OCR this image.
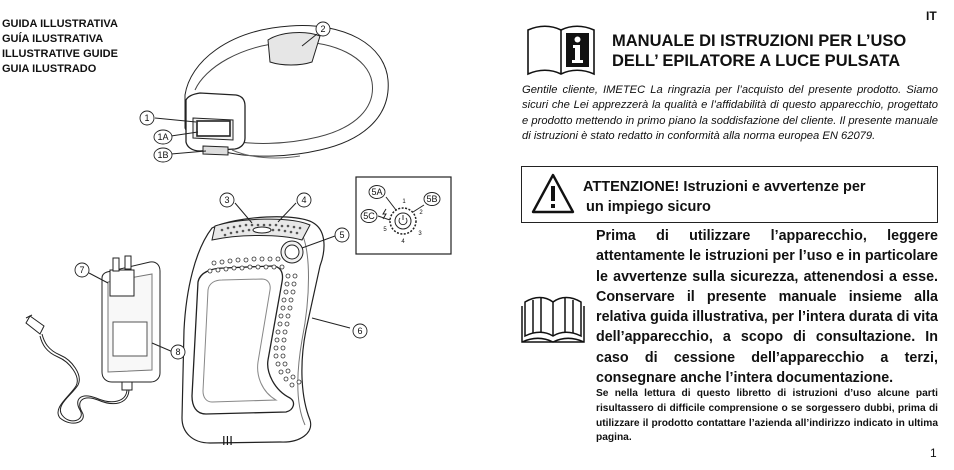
GUIDA ILLUSTRATIVA
GUÍA ILUSTRATIVA
ILLUSTRATIVE GUIDE
GUIA ILUSTRADO
2
1
1A
1B
3	4
5
6
7
8
5A
5B
5C
1
2
3
4
5
III
IT
MANUALE DI ISTRUZIONI PER L’USO
DELL’ EPILATORE A LUCE PULSATA
Gentile cliente, IMETEC La ringrazia per l’acquisto del presente prodotto. Siamo sicuri che Lei apprezzerà la qualità e l’affidabilità di questo apparecchio, progettato e prodotto mettendo in primo piano la soddisfazione del cliente. Il presente manuale di istruzioni è stato redatto in conformità alla norma europea EN 62079.
ATTENZIONE! Istruzioni e avvertenze per
un impiego sicuro
Prima di utilizzare l’apparecchio, leggere attentamente le istruzioni per l’uso e in particolare le avvertenze sulla sicurezza, attenendosi a esse. Conservare il presente manuale insieme alla relativa guida illustrativa, per l’intera durata di vita dell’apparecchio, a scopo di consultazione. In caso di cessione dell’apparecchio a terzi, consegnare anche l’intera documentazione.
Se nella lettura di questo libretto di istruzioni d’uso alcune parti risultassero di difficile comprensione o se sorgessero dubbi, prima di utilizzare il prodotto contattare l’azienda all’indirizzo indicato in ultima pagina.
1
